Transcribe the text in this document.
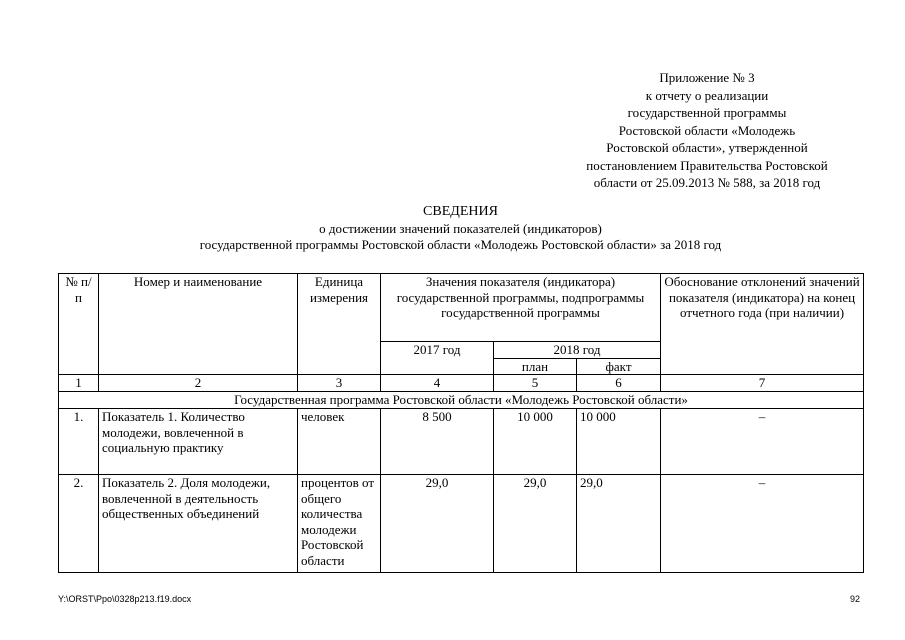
Приложение № 3
к отчету о реализации
государственной программы
Ростовской области «Молодежь
Ростовской области», утвержденной
постановлением Правительства Ростовской
области от 25.09.2013 № 588, за 2018 год
СВЕДЕНИЯ
о достижении значений показателей (индикаторов)
государственной программы Ростовской области «Молодежь Ростовской области» за 2018 год
№ п/п	Номер и наименование	Единица измерения	Значения показателя (индикатора) государственной программы, подпрограммы государственной программы			Обоснование отклонений значений показателя (индикатора) на конец отчетного года (при наличии)
			2017 год	2018 год		
				план	факт	
1	2	3	4	5	6	7
Государственная программа Ростовской области «Молодежь Ростовской области»						
1.	Показатель 1. Количество молодежи, вовлеченной в социальную практику	человек	8 500	10 000	10 000	–
2.	Показатель 2. Доля молодежи, вовлеченной в деятельность общественных объединений	процентов от общего количества молодежи Ростовской области	29,0	29,0	29,0	–
Y:\ORST\Ppo\0328p213.f19.docx	92
